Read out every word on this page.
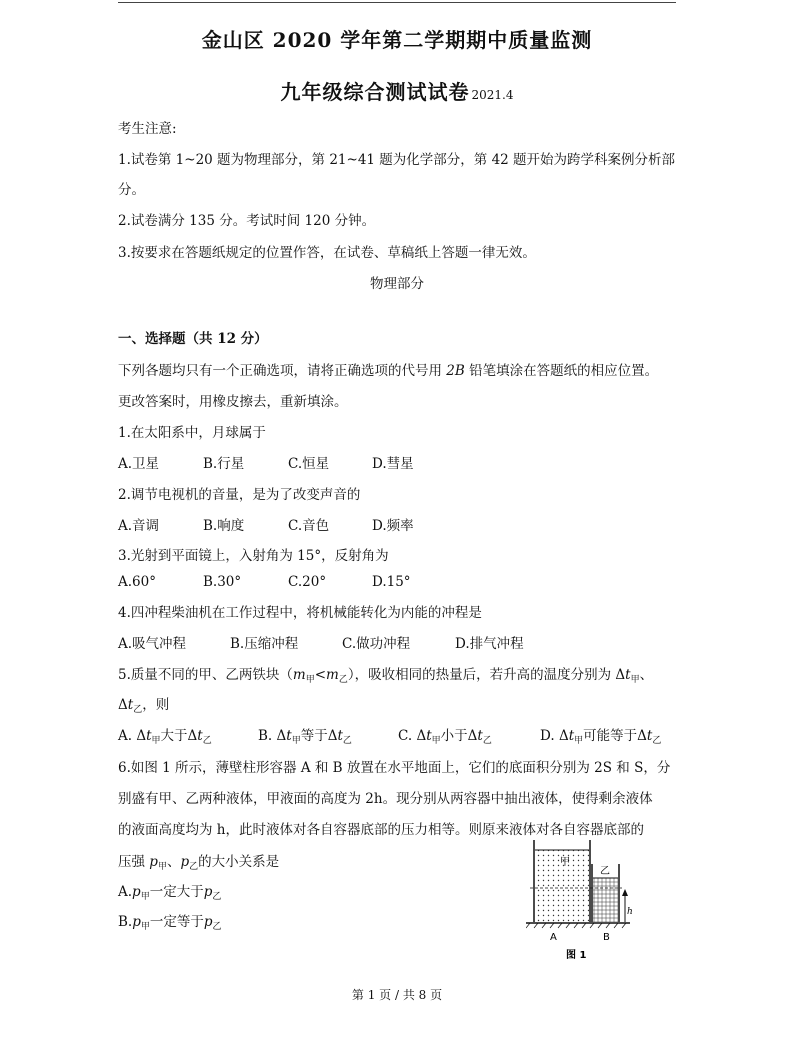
金山区 2020 学年第二学期期中质量监测
九年级综合测试试卷 2021.4
考生注意:
1.试卷第 1~20 题为物理部分，第 21~41 题为化学部分，第 42 题开始为跨学科案例分析部
分。
2.试卷满分 135 分。考试时间 120 分钟。
3.按要求在答题纸规定的位置作答，在试卷、草稿纸上答题一律无效。
物理部分
一、选择题（共 12 分）
下列各题均只有一个正确选项，请将正确选项的代号用 2B 铅笔填涂在答题纸的相应位置。
更改答案时，用橡皮擦去，重新填涂。
1.在太阳系中，月球属于
A.卫星	B.行星	C.恒星	D.彗星
2.调节电视机的音量，是为了改变声音的
A.音调	B.响度	C.音色	D.频率
3.光射到平面镜上，入射角为 15°，反射角为
A.60°	B.30°	C.20°	D.15°
4.四冲程柴油机在工作过程中，将机械能转化为内能的冲程是
A.吸气冲程	B.压缩冲程	C.做功冲程	D.排气冲程
5.质量不同的甲、乙两铁块$(m_甲<m_乙)$，吸收相同的热量后，若升高的温度分别为 $\Delta t_甲$、
$\Delta t_乙$，则
A. $\Delta t_甲$大于$\Delta t_乙$	B. $\Delta t_甲$等于$\Delta t_乙$	C. $\Delta t_甲$小于$\Delta t_乙$	D. $\Delta t_甲$可能等于$\Delta t_乙$
6.如图 1 所示，薄壁柱形容器 A 和 B 放置在水平地面上，它们的底面积分别为 2S 和 S，分
别盛有甲、乙两种液体，甲液面的高度为 2h。现分别从两容器中抽出液体，使得剩余液体
的液面高度均为 h，此时液体对各自容器底部的压力相等。则原来液体对各自容器底部的
压强 $p_甲$、$p_乙$的大小关系是
$A.p_甲$一定大于$p_乙$
$B.p_甲$一定等于$p_乙$
甲
乙
h
A	B
图 1
第 1 页 / 共 8 页
